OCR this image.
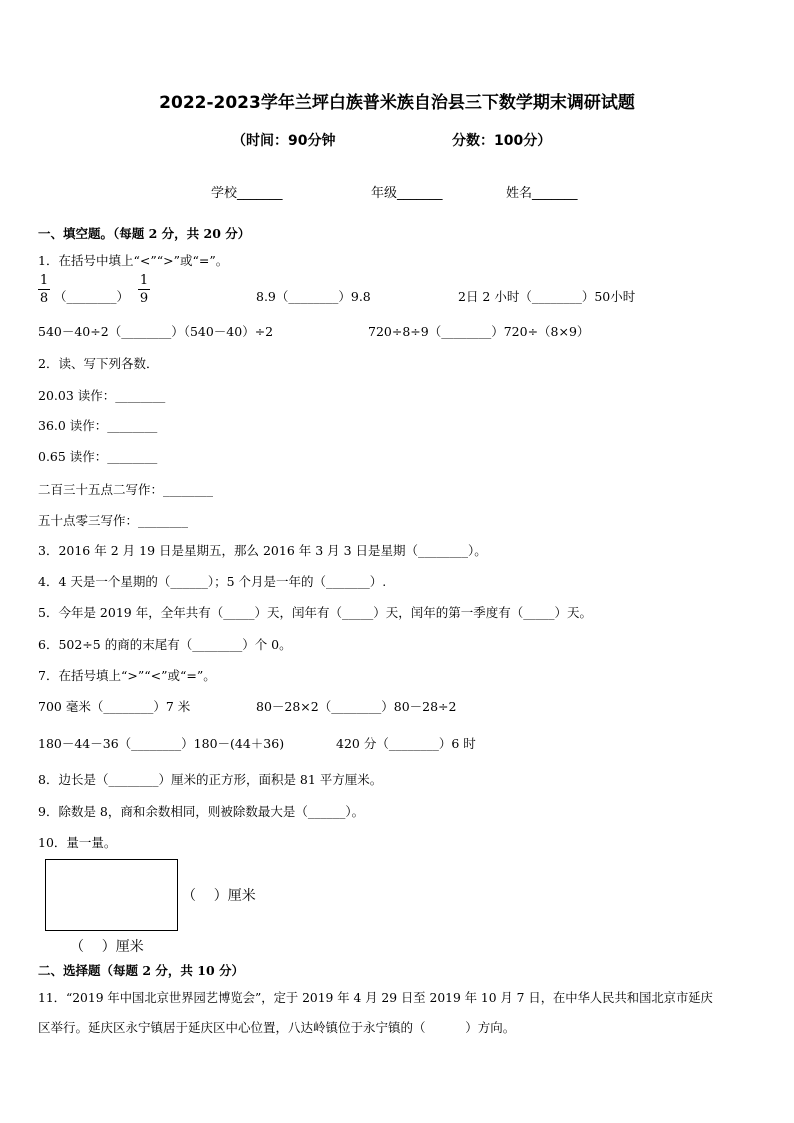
2022-2023学年兰坪白族普米族自治县三下数学期末调研试题
（时间：90分钟	分数：100分）
学校_______	年级_______	姓名_______
一、填空题。（每题 2 分，共 20 分）
1．在括号中填上“<”“>”或“=”。
1
8 （________）
1
9	8.9（________）9.8	2日 2 小时（________）50小时
540－40÷2（________）（540－40）÷2	720÷8÷9（________）720÷（8×9）
2．读、写下列各数．
20.03 读作：________
36.0 读作：________
0.65 读作：________
二百三十五点二写作：________
五十点零三写作：________
3．2016 年 2 月 19 日是星期五，那么 2016 年 3 月 3 日是星期（________）。
4．4 天是一个星期的（______）；5 个月是一年的（_______）.
5．今年是 2019 年，全年共有（_____）天，闰年有（_____）天，闰年的第一季度有（_____）天。
6．502÷5 的商的末尾有（________）个 0。
7．在括号填上“>”“<”或“=”。
700 毫米（________）7 米	80－28×2（________）80－28÷2
180－44－36（________）180－(44＋36)	420 分（________）6 时
8．边长是（________）厘米的正方形，面积是 81 平方厘米。
9．除数是 8，商和余数相同，则被除数最大是（______）。
10．量一量。
（    ）厘米
（    ）厘米
二、选择题（每题 2 分，共 10 分）
11．“2019 年中国北京世界园艺博览会”，定于 2019 年 4 月 29 日至 2019 年 10 月 7 日，在中华人民共和国北京市延庆
区举行。延庆区永宁镇居于延庆区中心位置，八达岭镇位于永宁镇的（          ）方向。
